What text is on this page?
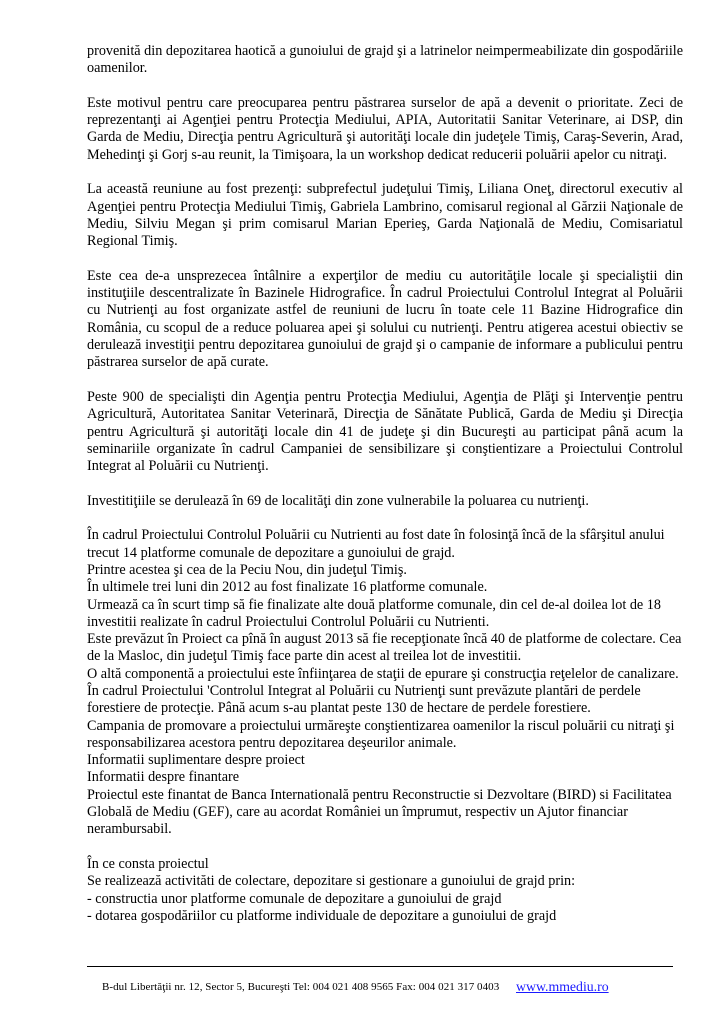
provenită din depozitarea haotică a gunoiului de grajd şi a latrinelor neimpermeabilizate din gospodăriile oamenilor.

Este motivul pentru care preocuparea pentru păstrarea surselor de apă a devenit o prioritate. Zeci de reprezentanţi ai Agenţiei pentru Protecţia Mediului, APIA, Autoritatii Sanitar Veterinare, ai DSP, din Garda de Mediu, Direcţia pentru Agricultură şi autorităţi locale din judeţele Timiş, Caraş-Severin, Arad, Mehedinţi şi Gorj s-au reunit, la Timişoara, la un workshop dedicat reducerii poluării apelor cu nitraţi.

La această reuniune au fost prezenţi: subprefectul judeţului Timiş, Liliana Oneţ, directorul executiv al Agenţiei pentru Protecţia Mediului Timiş, Gabriela Lambrino, comisarul regional al Gărzii Naţionale de Mediu, Silviu Megan şi prim comisarul Marian Eperieş, Garda Naţională de Mediu, Comisariatul Regional Timiş.

Este cea de-a unsprezecea întâlnire a experţilor de mediu cu autorităţile locale şi specialiştii din instituţiile descentralizate în Bazinele Hidrografice. În cadrul Proiectului Controlul Integrat al Poluării cu Nutrienţi au fost organizate astfel de reuniuni de lucru în toate cele 11 Bazine Hidrografice din România, cu scopul de a reduce poluarea apei şi solului cu nutrienţi. Pentru atigerea acestui obiectiv se derulează investiţii pentru depozitarea gunoiului de grajd şi o campanie de informare a publicului pentru păstrarea surselor de apă curate.

Peste 900 de specialişti din Agenţia pentru Protecţia Mediului, Agenţia de Plăţi şi Intervenţie pentru Agricultură, Autoritatea Sanitar Veterinară, Direcţia de Sănătate Publică, Garda de Mediu şi Direcţia pentru Agricultură şi autorităţi locale din 41 de judeţe şi din Bucureşti au participat până acum la seminariile organizate în cadrul Campaniei de sensibilizare şi conştientizare a Proiectului Controlul Integrat al Poluării cu Nutrienţi.

Investitiţiile se derulează în 69 de localităţi din zone vulnerabile la poluarea cu nutrienţi.

În cadrul Proiectului Controlul Poluării cu Nutrienti au fost date în folosinţă încă de la sfârşitul anului trecut 14 platforme comunale de depozitare a gunoiului de grajd.
Printre acestea şi cea de la Peciu Nou, din judeţul Timiş.
În ultimele trei luni din 2012 au fost finalizate 16 platforme comunale.
Urmează ca în scurt timp să fie finalizate alte două platforme comunale, din cel de-al doilea lot de 18 investitii realizate în cadrul Proiectului Controlul Poluării cu Nutrienti.
Este prevăzut în Proiect ca pînă în august 2013 să fie recepţionate încă 40 de platforme de colectare. Cea de la Masloc, din judeţul Timiş face parte din acest al treilea lot de investitii.
O altă componentă a proiectului este înfiinţarea de staţii de epurare şi construcţia reţelelor de canalizare.
În cadrul Proiectului 'Controlul Integrat al Poluării cu Nutrienţi sunt prevăzute plantări de perdele forestiere de protecţie. Până acum s-au plantat peste 130 de hectare de perdele forestiere.
Campania de promovare a proiectului urmăreşte conştientizarea oamenilor la riscul poluării cu nitraţi şi responsabilizarea acestora pentru depozitarea deşeurilor animale.
Informatii suplimentare despre proiect
Informatii despre finantare
Proiectul este finantat de Banca Internatională pentru Reconstructie si Dezvoltare (BIRD) si Facilitatea Globală de Mediu (GEF), care au acordat României un împrumut, respectiv un Ajutor financiar nerambursabil.
În ce consta proiectul
Se realizează activităti de colectare, depozitare si gestionare a gunoiului de grajd prin:
- constructia unor platforme comunale de depozitare a gunoiului de grajd
- dotarea gospodăriilor cu platforme individuale de depozitare a gunoiului de grajd
B-dul Libertăţii nr. 12, Sector 5, Bucureşti Tel: 004 021 408 9565 Fax: 004 021 317 0403 www.mmediu.ro
